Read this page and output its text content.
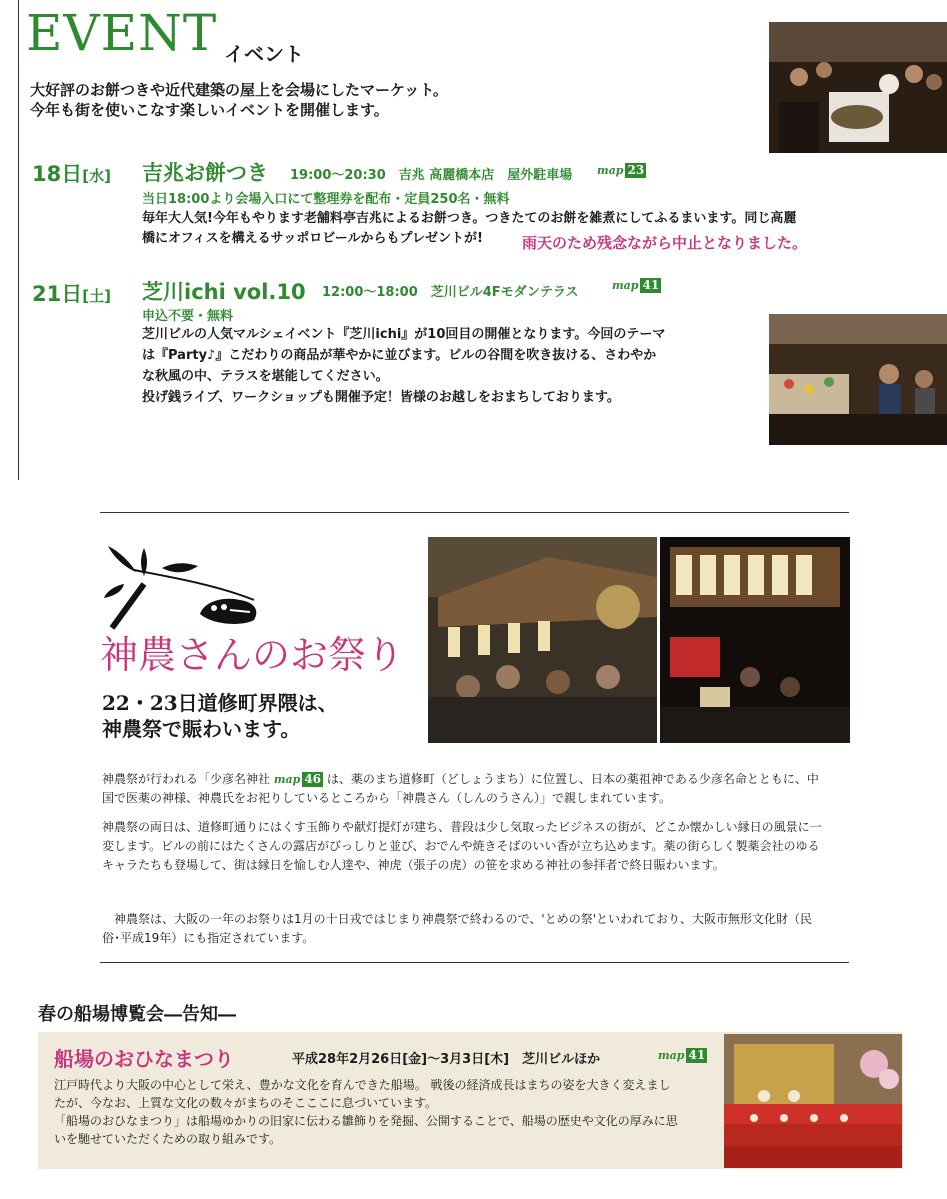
EVENT イベント
大好評のお餅つきや近代建築の屋上を会場にしたマーケット。
今年も街を使いこなす楽しいイベントを開催します。
18日[水] 吉兆お餅つき 19:00～20:30　吉兆 高麗橋本店　屋外駐車場 map 23
当日18:00より会場入口にて整理券を配布・定員250名・無料
毎年大人気!今年もやります老舗料亭吉兆によるお餅つき。つきたてのお餅を雑煮にしてふるまいます。同じ高麗
橋にオフィスを構えるサッポロビールからもプレゼントが!	雨天のため残念ながら中止となりました。
21日[土] 芝川ichi vol.10 12:00～18:00　芝川ビル4Fモダンテラス	map 41
申込不要・無料
芝川ビルの人気マルシェイベント『芝川ichi』が10回目の開催となります。今回のテーマ
は『Party♪』こだわりの商品が華やかに並びます。ビルの谷間を吹き抜ける、さわやか
な秋風の中、テラスを堪能してください。
投げ銭ライブ、ワークショップも開催予定！皆様のお越しをおまちしております。
神農さんのお祭り
22・23日道修町界隈は、
神農祭で賑わいます。
神農祭が行われる「少彦名神社 map 46 は、薬のまち道修町（どしょうまち）に位置し、日本の薬祖神である少彦名命とともに、中国で医薬の神様、神農氏をお祀りしているところから「神農さん（しんのうさん）」で親しまれています。
神農祭の両日は、道修町通りにはくす玉飾りや献灯提灯が建ち、普段は少し気取ったビジネスの街が、どこか懐かしい縁日の風景に一変します。ビルの前にはたくさんの露店がびっしりと並び、おでんや焼きそばのいい香が立ち込めます。薬の街らしく製薬会社のゆるキャラたちも登場して、街は縁日を愉しむ人達や、神虎（張子の虎）の笹を求める神社の参拝者で終日賑わいます。
　神農祭は、大阪の一年のお祭りは1月の十日戎ではじまり神農祭で終わるので、'とめの祭'といわれており、大阪市無形文化財（民俗･平成19年）にも指定されています。
春の船場博覧会―告知―
船場のおひなまつり	平成28年2月26日[金]～3月3日[木]　芝川ビルほか	map 41
江戸時代より大阪の中心として栄え、豊かな文化を育んできた船場。 戦後の経済成長はまちの姿を大きく変えまし
たが、今なお、上質な文化の数々がまちのそこここに息づいています。
「船場のおひなまつり」は船場ゆかりの旧家に伝わる雛飾りを発掘、公開することで、船場の歴史や文化の厚みに思
いを馳せていただくための取り組みです。
